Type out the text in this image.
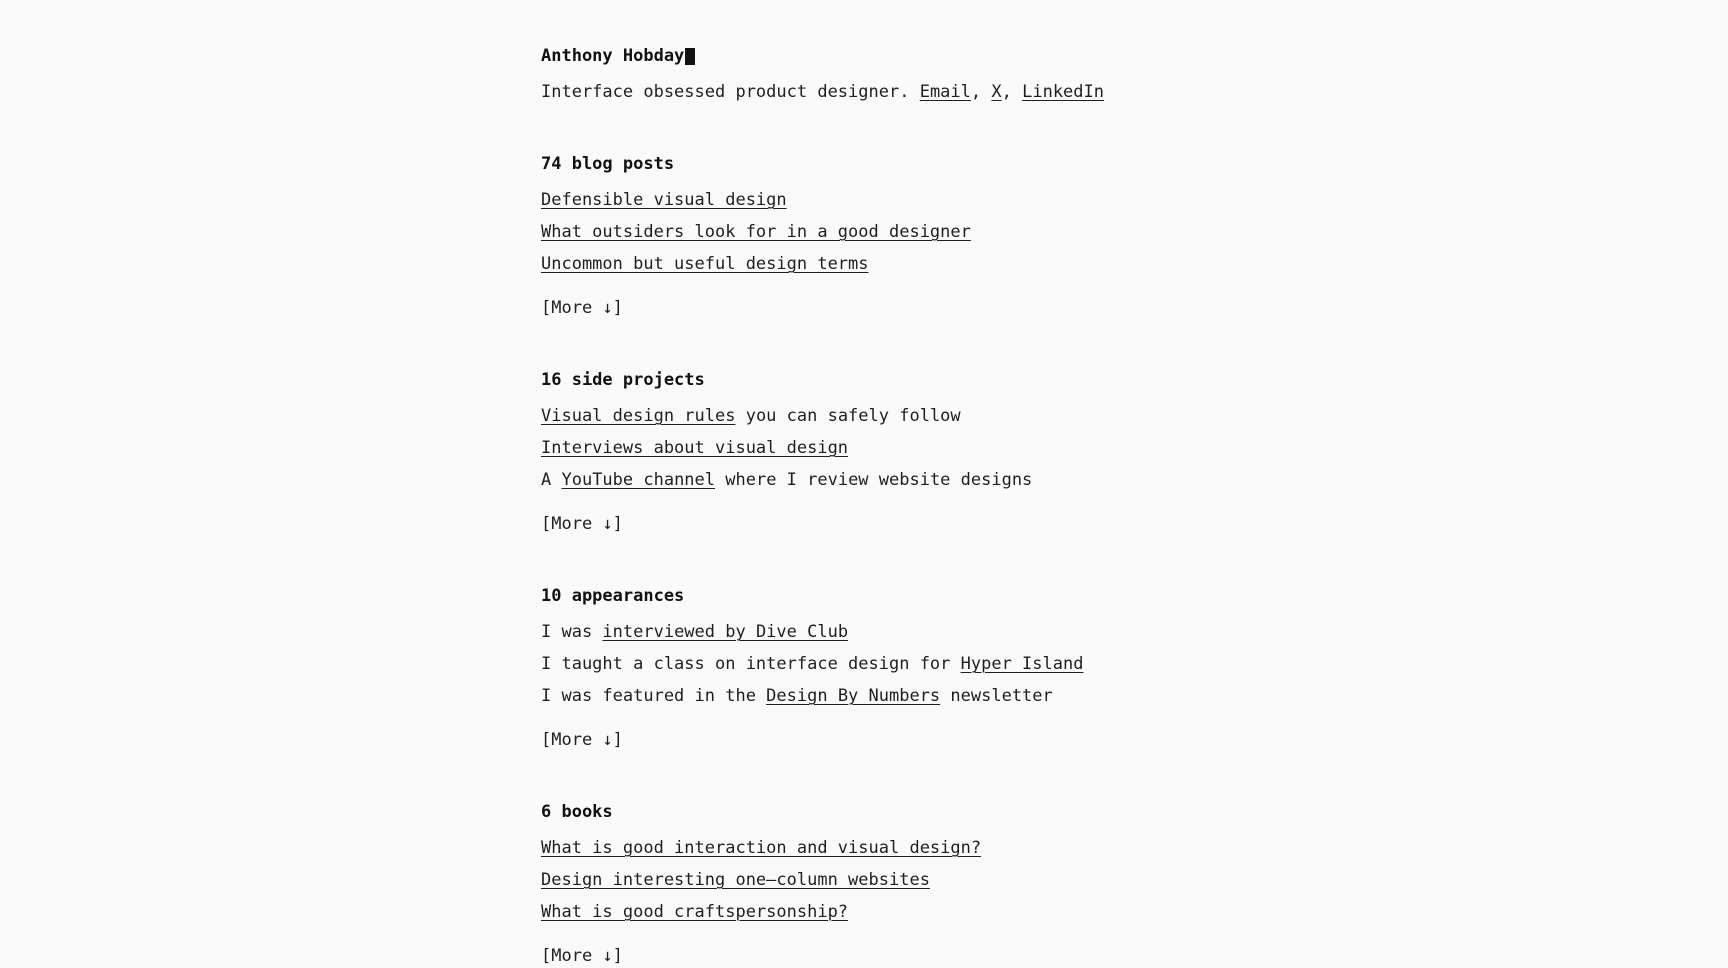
Anthony Hobday
Interface obsessed product designer. Email, X, LinkedIn
74 blog posts
Defensible visual design
What outsiders look for in a good designer
Uncommon but useful design terms
[More ↓]
16 side projects
Visual design rules you can safely follow
Interviews about visual design
A YouTube channel where I review website designs
[More ↓]
10 appearances
I was interviewed by Dive Club
I taught a class on interface design for Hyper Island
I was featured in the Design By Numbers newsletter
[More ↓]
6 books
What is good interaction and visual design?
Design interesting one–column websites
What is good craftspersonship?
[More ↓]
